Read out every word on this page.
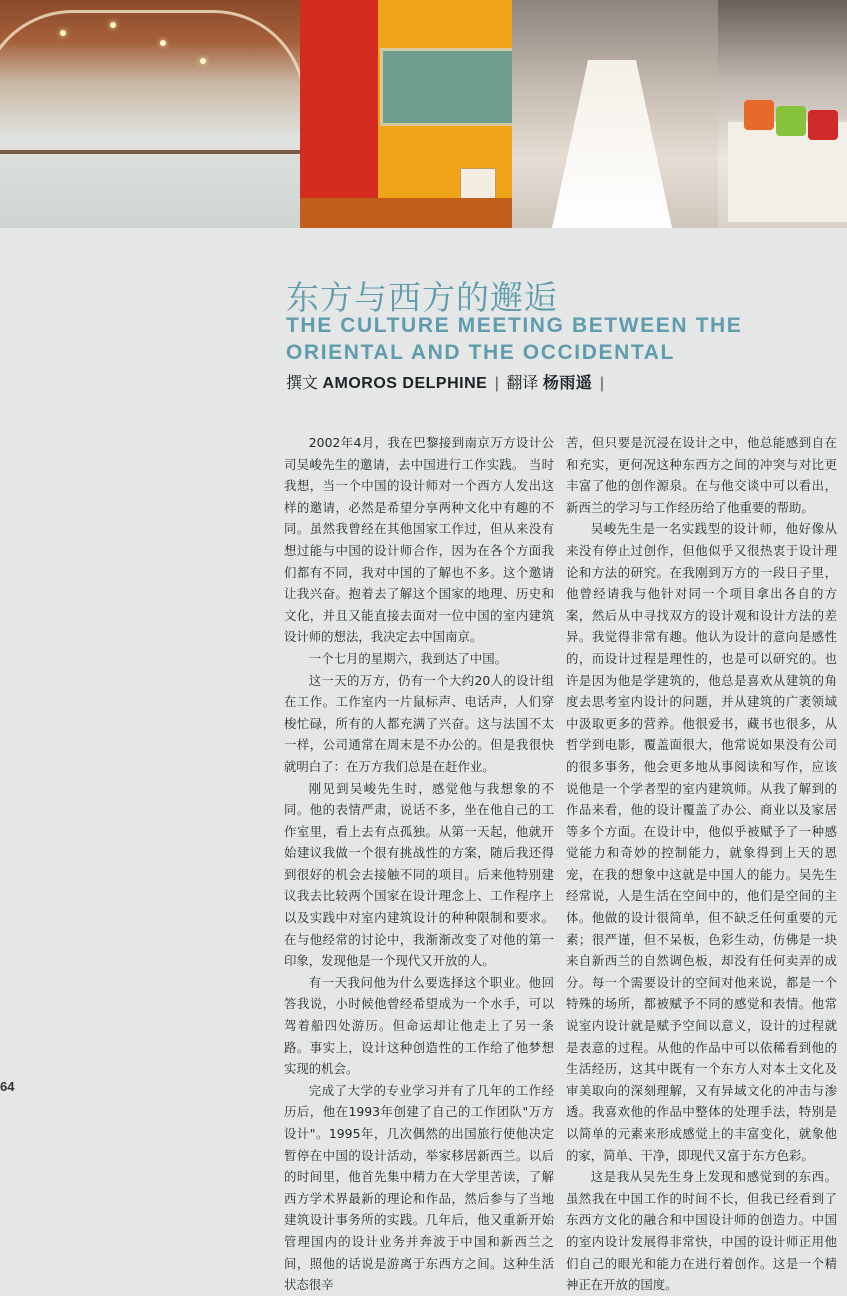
东方与西方的邂逅
THE CULTURE MEETING BETWEEN THE
ORIENTAL AND THE OCCIDENTAL
撰文 AMOROS DELPHINE | 翻译 杨雨遥 |

2002年4月，我在巴黎接到南京万方设计公司吴峻先生的邀请，去中国进行工作实践。 当时我想，当一个中国的设计师对一个西方人发出这样的邀请，必然是希望分享两种文化中有趣的不同。虽然我曾经在其他国家工作过，但从来没有想过能与中国的设计师合作，因为在各个方面我们都有不同，我对中国的了解也不多。这个邀请让我兴奋。抱着去了解这个国家的地理、历史和文化，并且又能直接去面对一位中国的室内建筑设计师的想法，我决定去中国南京。

一个七月的星期六，我到达了中国。

这一天的万方，仍有一个大约20人的设计组在工作。工作室内一片鼠标声、电话声，人们穿梭忙碌，所有的人都充满了兴奋。这与法国不太一样，公司通常在周末是不办公的。但是我很快就明白了：在万方我们总是在赶作业。

刚见到吴峻先生时，感觉他与我想象的不同。他的表情严肃，说话不多，坐在他自己的工作室里，看上去有点孤独。从第一天起，他就开始建议我做一个很有挑战性的方案，随后我还得到很好的机会去接触不同的项目。后来他特别建议我去比较两个国家在设计理念上、工作程序上以及实践中对室内建筑设计的种种限制和要求。在与他经常的讨论中，我渐渐改变了对他的第一印象，发现他是一个现代又开放的人。

有一天我问他为什么要选择这个职业。他回答我说，小时候他曾经希望成为一个水手，可以驾着船四处游历。但命运却让他走上了另一条路。事实上，设计这种创造性的工作给了他梦想实现的机会。

完成了大学的专业学习并有了几年的工作经历后，他在1993年创建了自己的工作团队"万方设计"。1995年，几次偶然的出国旅行使他决定暂停在中国的设计活动，举家移居新西兰。以后的时间里，他首先集中精力在大学里苦读，了解西方学术界最新的理论和作品，然后参与了当地建筑设计事务所的实践。几年后，他又重新开始管理国内的设计业务并奔波于中国和新西兰之间，照他的话说是游离于东西方之间。这种生活状态很辛

苦，但只要是沉浸在设计之中，他总能感到自在和充实，更何况这种东西方之间的冲突与对比更丰富了他的创作源泉。在与他交谈中可以看出，新西兰的学习与工作经历给了他重要的帮助。

吴峻先生是一名实践型的设计师，他好像从来没有停止过创作，但他似乎又很热衷于设计理论和方法的研究。在我刚到万方的一段日子里，他曾经请我与他针对同一个项目拿出各自的方案，然后从中寻找双方的设计观和设计方法的差异。我觉得非常有趣。他认为设计的意向是感性的，而设计过程是理性的，也是可以研究的。也许是因为他是学建筑的，他总是喜欢从建筑的角度去思考室内设计的问题，并从建筑的广袤领域中汲取更多的营养。他很爱书，藏书也很多，从哲学到电影，覆盖面很大，他常说如果没有公司的很多事务，他会更多地从事阅读和写作，应该说他是一个学者型的室内建筑师。从我了解到的作品来看，他的设计覆盖了办公、商业以及家居等多个方面。在设计中，他似乎被赋予了一种感觉能力和奇妙的控制能力，就象得到上天的恩宠，在我的想象中这就是中国人的能力。吴先生经常说，人是生活在空间中的，他们是空间的主体。他做的设计很简单，但不缺乏任何重要的元素；很严谨，但不呆板，色彩生动，仿佛是一块来自新西兰的自然调色板，却没有任何卖弄的成分。每一个需要设计的空间对他来说，都是一个特殊的场所，都被赋予不同的感觉和表情。他常说室内设计就是赋予空间以意义，设计的过程就是表意的过程。从他的作品中可以依稀看到他的生活经历，这其中既有一个东方人对本土文化及审美取向的深刻理解，又有异域文化的冲击与渗透。我喜欢他的作品中整体的处理手法，特别是以简单的元素来形成感觉上的丰富变化，就象他的家，简单、干净，即现代又富于东方色彩。

这是我从吴先生身上发现和感觉到的东西。虽然我在中国工作的时间不长，但我已经看到了东西方文化的融合和中国设计师的创造力。中国的室内设计发展得非常快，中国的设计师正用他们自己的眼光和能力在进行着创作。这是一个精神正在开放的国度。

64
